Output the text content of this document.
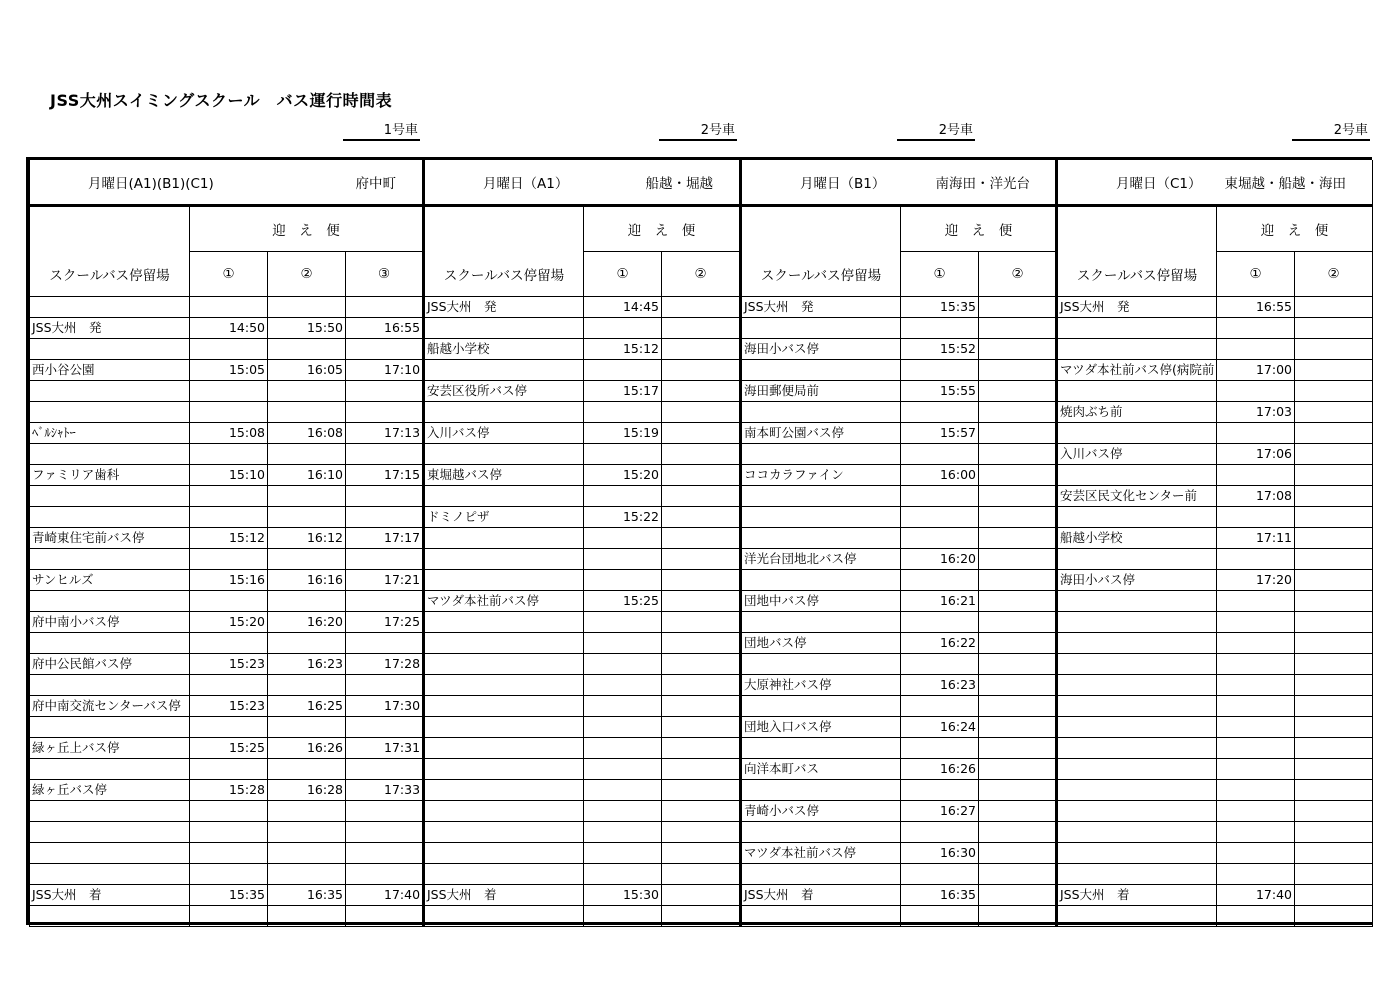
JSS大州スイミングスクール　バス運行時間表
1号車	2号車	2号車	2号車
月曜日(A1)(B1)(C1) 府中町			

スクールバス停留場	迎　え　便		
	①	②	③

JSS大州　発	14:50	15:50	16:55

西小谷公園	15:05	16:05	17:10

ﾍﾞﾙｼｬﾄｰ	15:08	16:08	17:13

ファミリア歯科	15:10	16:10	17:15

青崎東住宅前バス停	15:12	16:12	17:17

サンヒルズ	15:16	16:16	17:21

府中南小バス停	15:20	16:20	17:25

府中公民館バス停	15:23	16:23	17:28

府中南交流センターバス停	15:23	16:25	17:30

緑ヶ丘上バス停	15:25	16:26	17:31

緑ヶ丘バス停	15:28	16:28	17:33

JSS大州　着	15:35	16:35	17:40

月曜日（A1） 船越・堀越		

スクールバス停留場	迎　え　便	
	①	②
JSS大州　発	14:45	

船越小学校	15:12	

安芸区役所バス停	15:17	

入川バス停	15:19	

東堀越バス停	15:20	

ドミノピザ	15:22	

マツダ本社前バス停	15:25	

JSS大州　着	15:30	

月曜日（B1） 南海田・洋光台		

スクールバス停留場	迎　え　便	
	①	②
JSS大州　発	15:35	

海田小バス停	15:52	

海田郵便局前	15:55	

南本町公園バス停	15:57	

ココカラファイン	16:00	

洋光台団地北バス停	16:20	

団地中バス停	16:21	

団地バス停	16:22	

大原神社バス停	16:23	

団地入口バス停	16:24	

向洋本町バス	16:26	

青崎小バス停	16:27	

マツダ本社前バス停	16:30	

JSS大州　着	16:35	

月曜日（C1） 東堀越・船越・海田		

スクールバス停留場	迎　え　便	
	①	②
JSS大州　発	16:55	

マツダ本社前バス停(病院前	17:00	

焼肉ぶち前	17:03	

入川バス停	17:06	

安芸区民文化センター前	17:08	

船越小学校	17:11	

海田小バス停	17:20	

JSS大州　着	17:40	
